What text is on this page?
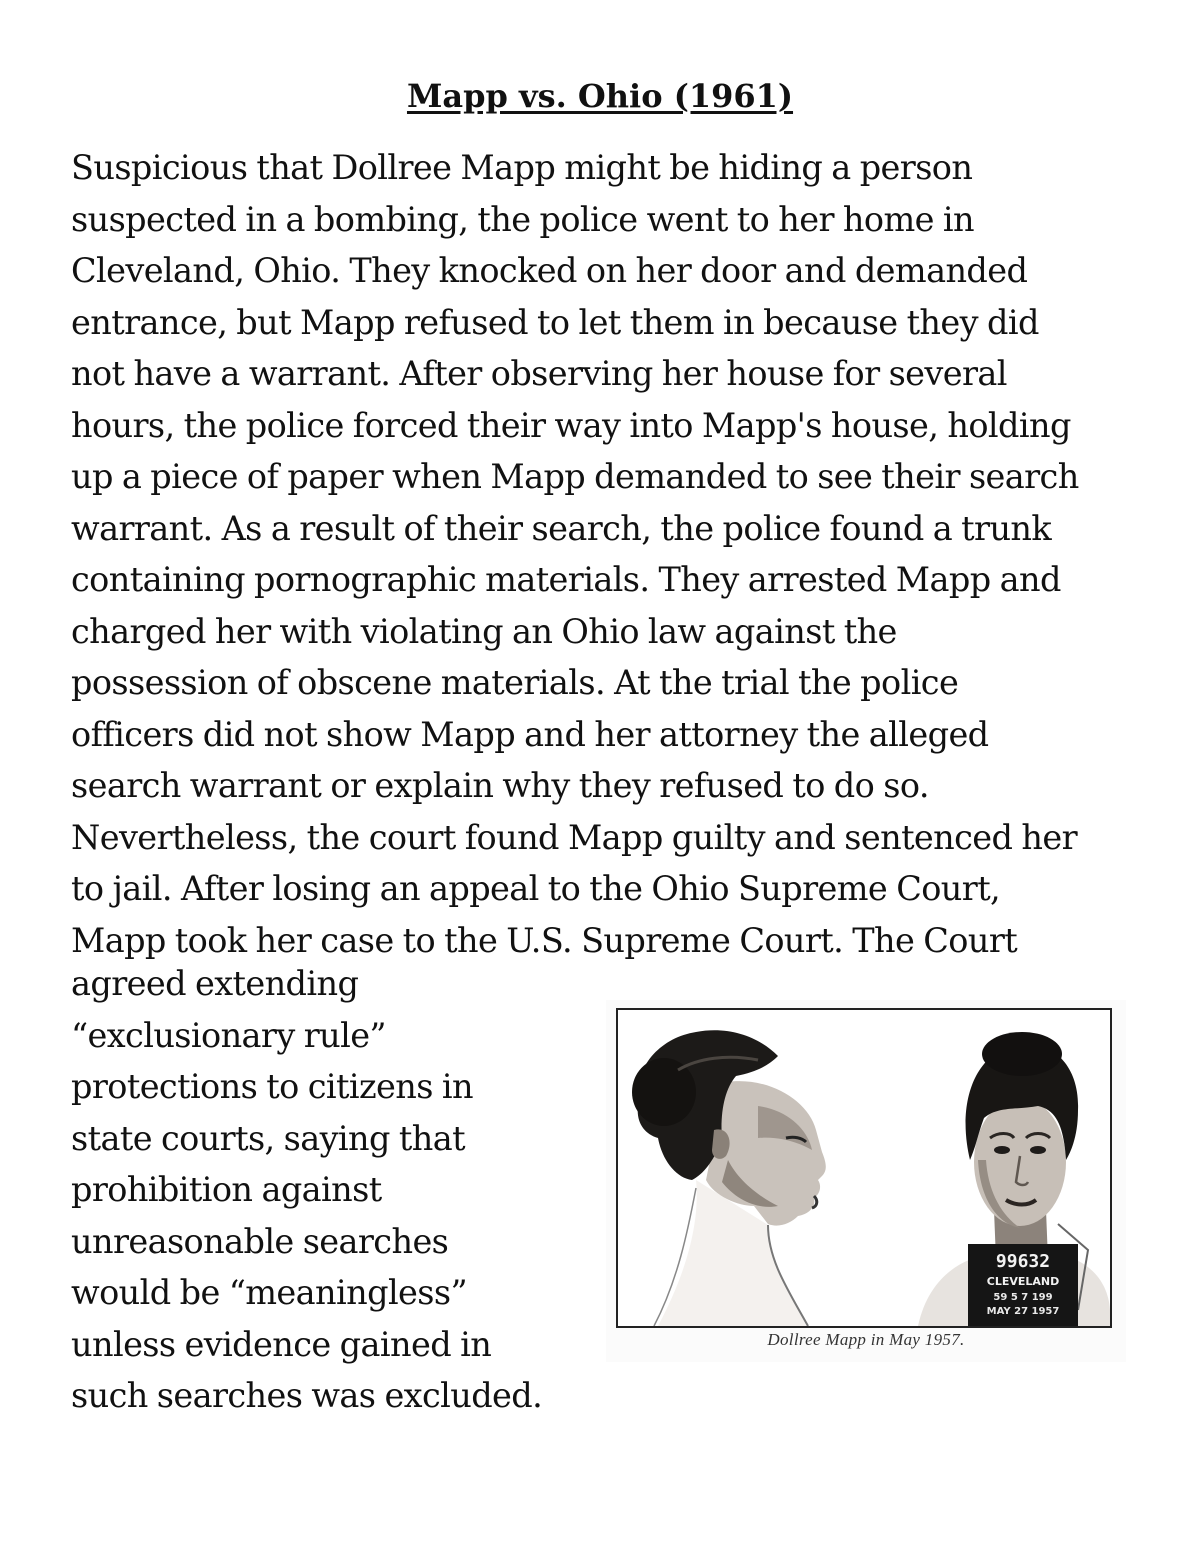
Mapp vs. Ohio (1961)

Suspicious that Dollree Mapp might be hiding a person
suspected in a bombing, the police went to her home in
Cleveland, Ohio. They knocked on her door and demanded
entrance, but Mapp refused to let them in because they did
not have a warrant. After observing her house for several
hours, the police forced their way into Mapp's house, holding
up a piece of paper when Mapp demanded to see their search
warrant. As a result of their search, the police found a trunk
containing pornographic materials. They arrested Mapp and
charged her with violating an Ohio law against the
possession of obscene materials. At the trial the police
officers did not show Mapp and her attorney the alleged
search warrant or explain why they refused to do so.
Nevertheless, the court found Mapp guilty and sentenced her
to jail. After losing an appeal to the Ohio Supreme Court,
Mapp took her case to the U.S. Supreme Court. The Court

agreed extending
“exclusionary rule”
protections to citizens in
state courts, saying that
prohibition against
unreasonable searches
would be “meaningless”
unless evidence gained in
such searches was excluded.

99632
CLEVELAND
59 5 7 199
MAY 27 1957
Dollree Mapp in May 1957.
